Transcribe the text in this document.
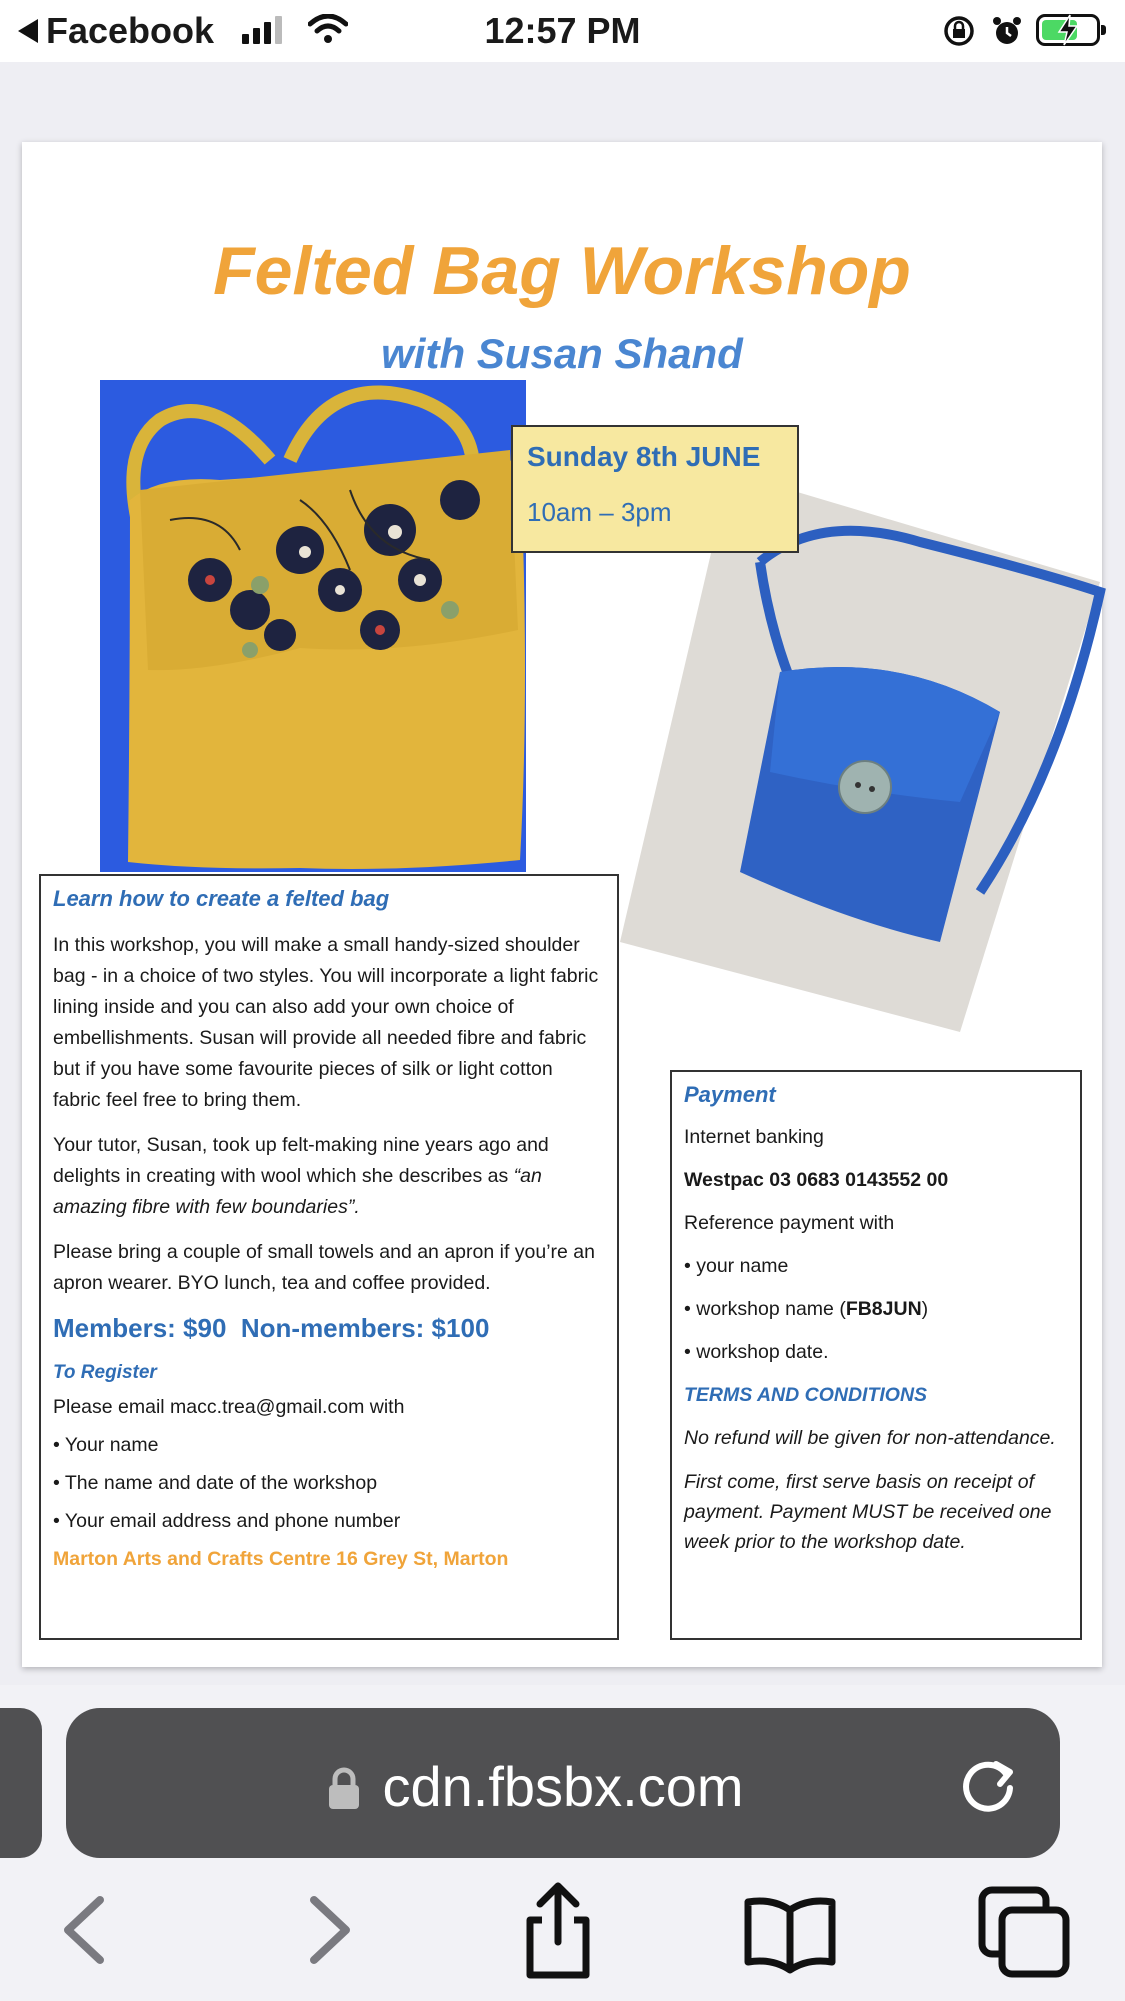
Facebook	12:57 PM
Felted Bag Workshop
with Susan Shand
Sunday 8th JUNE
10am – 3pm
Learn how to create a felted bag

In this workshop, you will make a small handy-sized shoulder bag - in a choice of two styles. You will incorporate a light fabric lining inside and you can also add your own choice of embellishments. Susan will provide all needed fibre and fabric but if you have some favourite pieces of silk or light cotton fabric feel free to bring them.

Your tutor, Susan, took up felt-making nine years ago and delights in creating with wool which she describes as “an amazing fibre with few boundaries”.

Please bring a couple of small towels and an apron if you’re an apron wearer. BYO lunch, tea and coffee provided.

Members: $90  Non-members: $100
To Register
Please email macc.trea@gmail.com with
• Your name
• The name and date of the workshop
• Your email address and phone number
Marton Arts and Crafts Centre 16 Grey St, Marton
Payment
Internet banking
Westpac 03 0683 0143552 00
Reference payment with
• your name
• workshop name (FB8JUN)
• workshop date.
TERMS AND CONDITIONS
No refund will be given for non-attendance.
First come, first serve basis on receipt of payment. Payment MUST be received one week prior to the workshop date.
cdn.fbsbx.com
